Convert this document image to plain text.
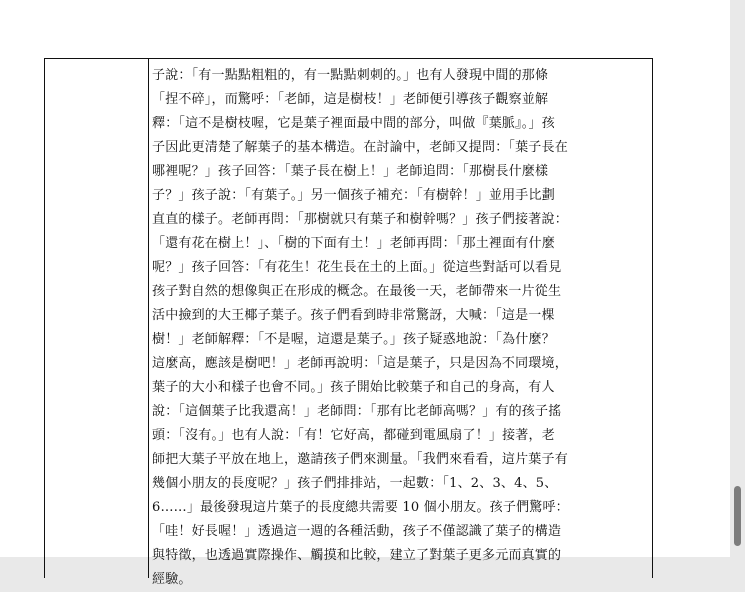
子說：「有一點點粗粗的，有一點點刺刺的。」也有人發現中間的那條
「捏不碎」，而驚呼：「老師，這是樹枝！」老師便引導孩子觀察並解
釋：「這不是樹枝喔，它是葉子裡面最中間的部分，叫做『葉脈』。」孩
子因此更清楚了解葉子的基本構造。在討論中，老師又提問：「葉子長在
哪裡呢？」孩子回答：「葉子長在樹上！」老師追問：「那樹長什麼樣
子？」孩子說：「有葉子。」另一個孩子補充：「有樹幹！」並用手比劃
直直的樣子。老師再問：「那樹就只有葉子和樹幹嗎？」孩子們接著說：
「還有花在樹上！」、「樹的下面有土！」老師再問：「那土裡面有什麼
呢？」孩子回答：「有花生！花生長在土的上面。」從這些對話可以看見
孩子對自然的想像與正在形成的概念。在最後一天，老師帶來一片從生
活中撿到的大王椰子葉子。孩子們看到時非常驚訝，大喊：「這是一棵
樹！」老師解釋：「不是喔，這還是葉子。」孩子疑惑地說：「為什麼？
這麼高，應該是樹吧！」老師再說明：「這是葉子，只是因為不同環境，
葉子的大小和樣子也會不同。」孩子開始比較葉子和自己的身高，有人
說：「這個葉子比我還高！」老師問：「那有比老師高嗎？」有的孩子搖
頭：「沒有。」也有人說：「有！它好高，都碰到電風扇了！」接著，老
師把大葉子平放在地上，邀請孩子們來測量。「我們來看看，這片葉子有
幾個小朋友的長度呢？」孩子們排排站，一起數：「1、2、3、4、5、
6……」最後發現這片葉子的長度總共需要 10 個小朋友。孩子們驚呼：
「哇！好長喔！」透過這一週的各種活動，孩子不僅認識了葉子的構造
與特徵，也透過實際操作、觸摸和比較，建立了對葉子更多元而真實的
經驗。
